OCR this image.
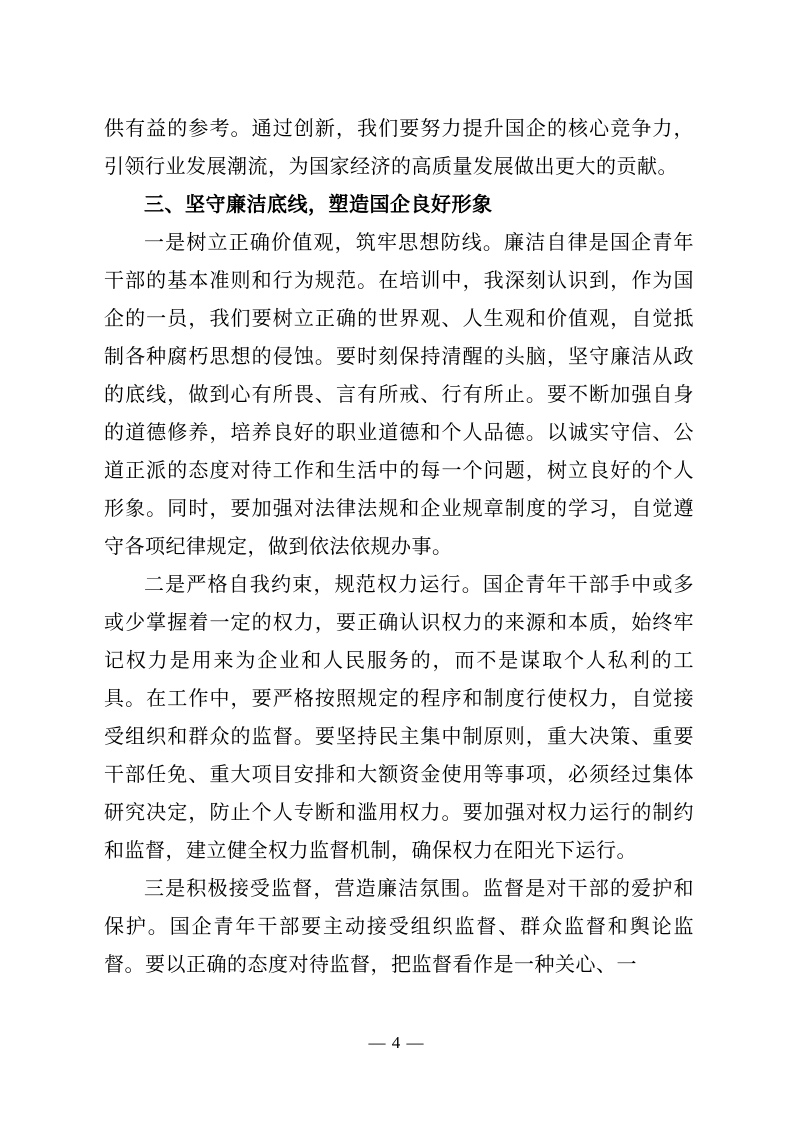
供有益的参考。通过创新，我们要努力提升国企的核心竞争力，引领行业发展潮流，为国家经济的高质量发展做出更大的贡献。

三、坚守廉洁底线，塑造国企良好形象

一是树立正确价值观，筑牢思想防线。廉洁自律是国企青年干部的基本准则和行为规范。在培训中，我深刻认识到，作为国企的一员，我们要树立正确的世界观、人生观和价值观，自觉抵制各种腐朽思想的侵蚀。要时刻保持清醒的头脑，坚守廉洁从政的底线，做到心有所畏、言有所戒、行有所止。要不断加强自身的道德修养，培养良好的职业道德和个人品德。以诚实守信、公道正派的态度对待工作和生活中的每一个问题，树立良好的个人形象。同时，要加强对法律法规和企业规章制度的学习，自觉遵守各项纪律规定，做到依法依规办事。

二是严格自我约束，规范权力运行。国企青年干部手中或多或少掌握着一定的权力，要正确认识权力的来源和本质，始终牢记权力是用来为企业和人民服务的，而不是谋取个人私利的工具。在工作中，要严格按照规定的程序和制度行使权力，自觉接受组织和群众的监督。要坚持民主集中制原则，重大决策、重要干部任免、重大项目安排和大额资金使用等事项，必须经过集体研究决定，防止个人专断和滥用权力。要加强对权力运行的制约和监督，建立健全权力监督机制，确保权力在阳光下运行。

三是积极接受监督，营造廉洁氛围。监督是对干部的爱护和保护。国企青年干部要主动接受组织监督、群众监督和舆论监督。要以正确的态度对待监督，把监督看作是一种关心、一

— 4 —
